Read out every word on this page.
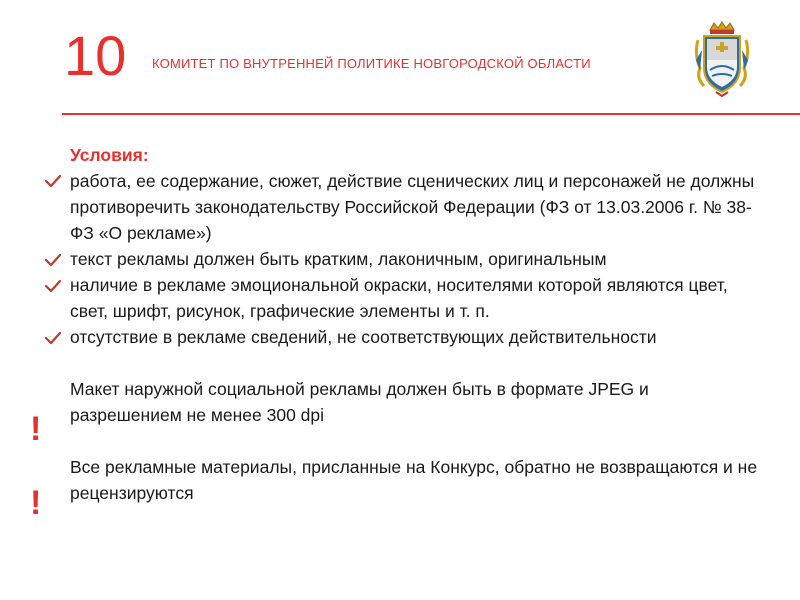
10 КОМИТЕТ ПО ВНУТРЕННЕЙ ПОЛИТИКЕ НОВГОРОДСКОЙ ОБЛАСТИ
!
!

Условия:

работа, ее содержание, сюжет, действие сценических лиц и персонажей не должны противоречить законодательству Российской Федерации (ФЗ от 13.03.2006 г. № 38-ФЗ «О рекламе»)

текст рекламы должен быть кратким, лаконичным, оригинальным

наличие в рекламе эмоциональной окраски, носителями которой являются цвет, свет, шрифт, рисунок, графические элементы и т. п.

отсутствие в рекламе сведений, не соответствующих действительности

Макет наружной социальной рекламы должен быть в формате JPEG и разрешением не менее 300 dpi

Все рекламные материалы, присланные на Конкурс, обратно не возвращаются и не рецензируются
